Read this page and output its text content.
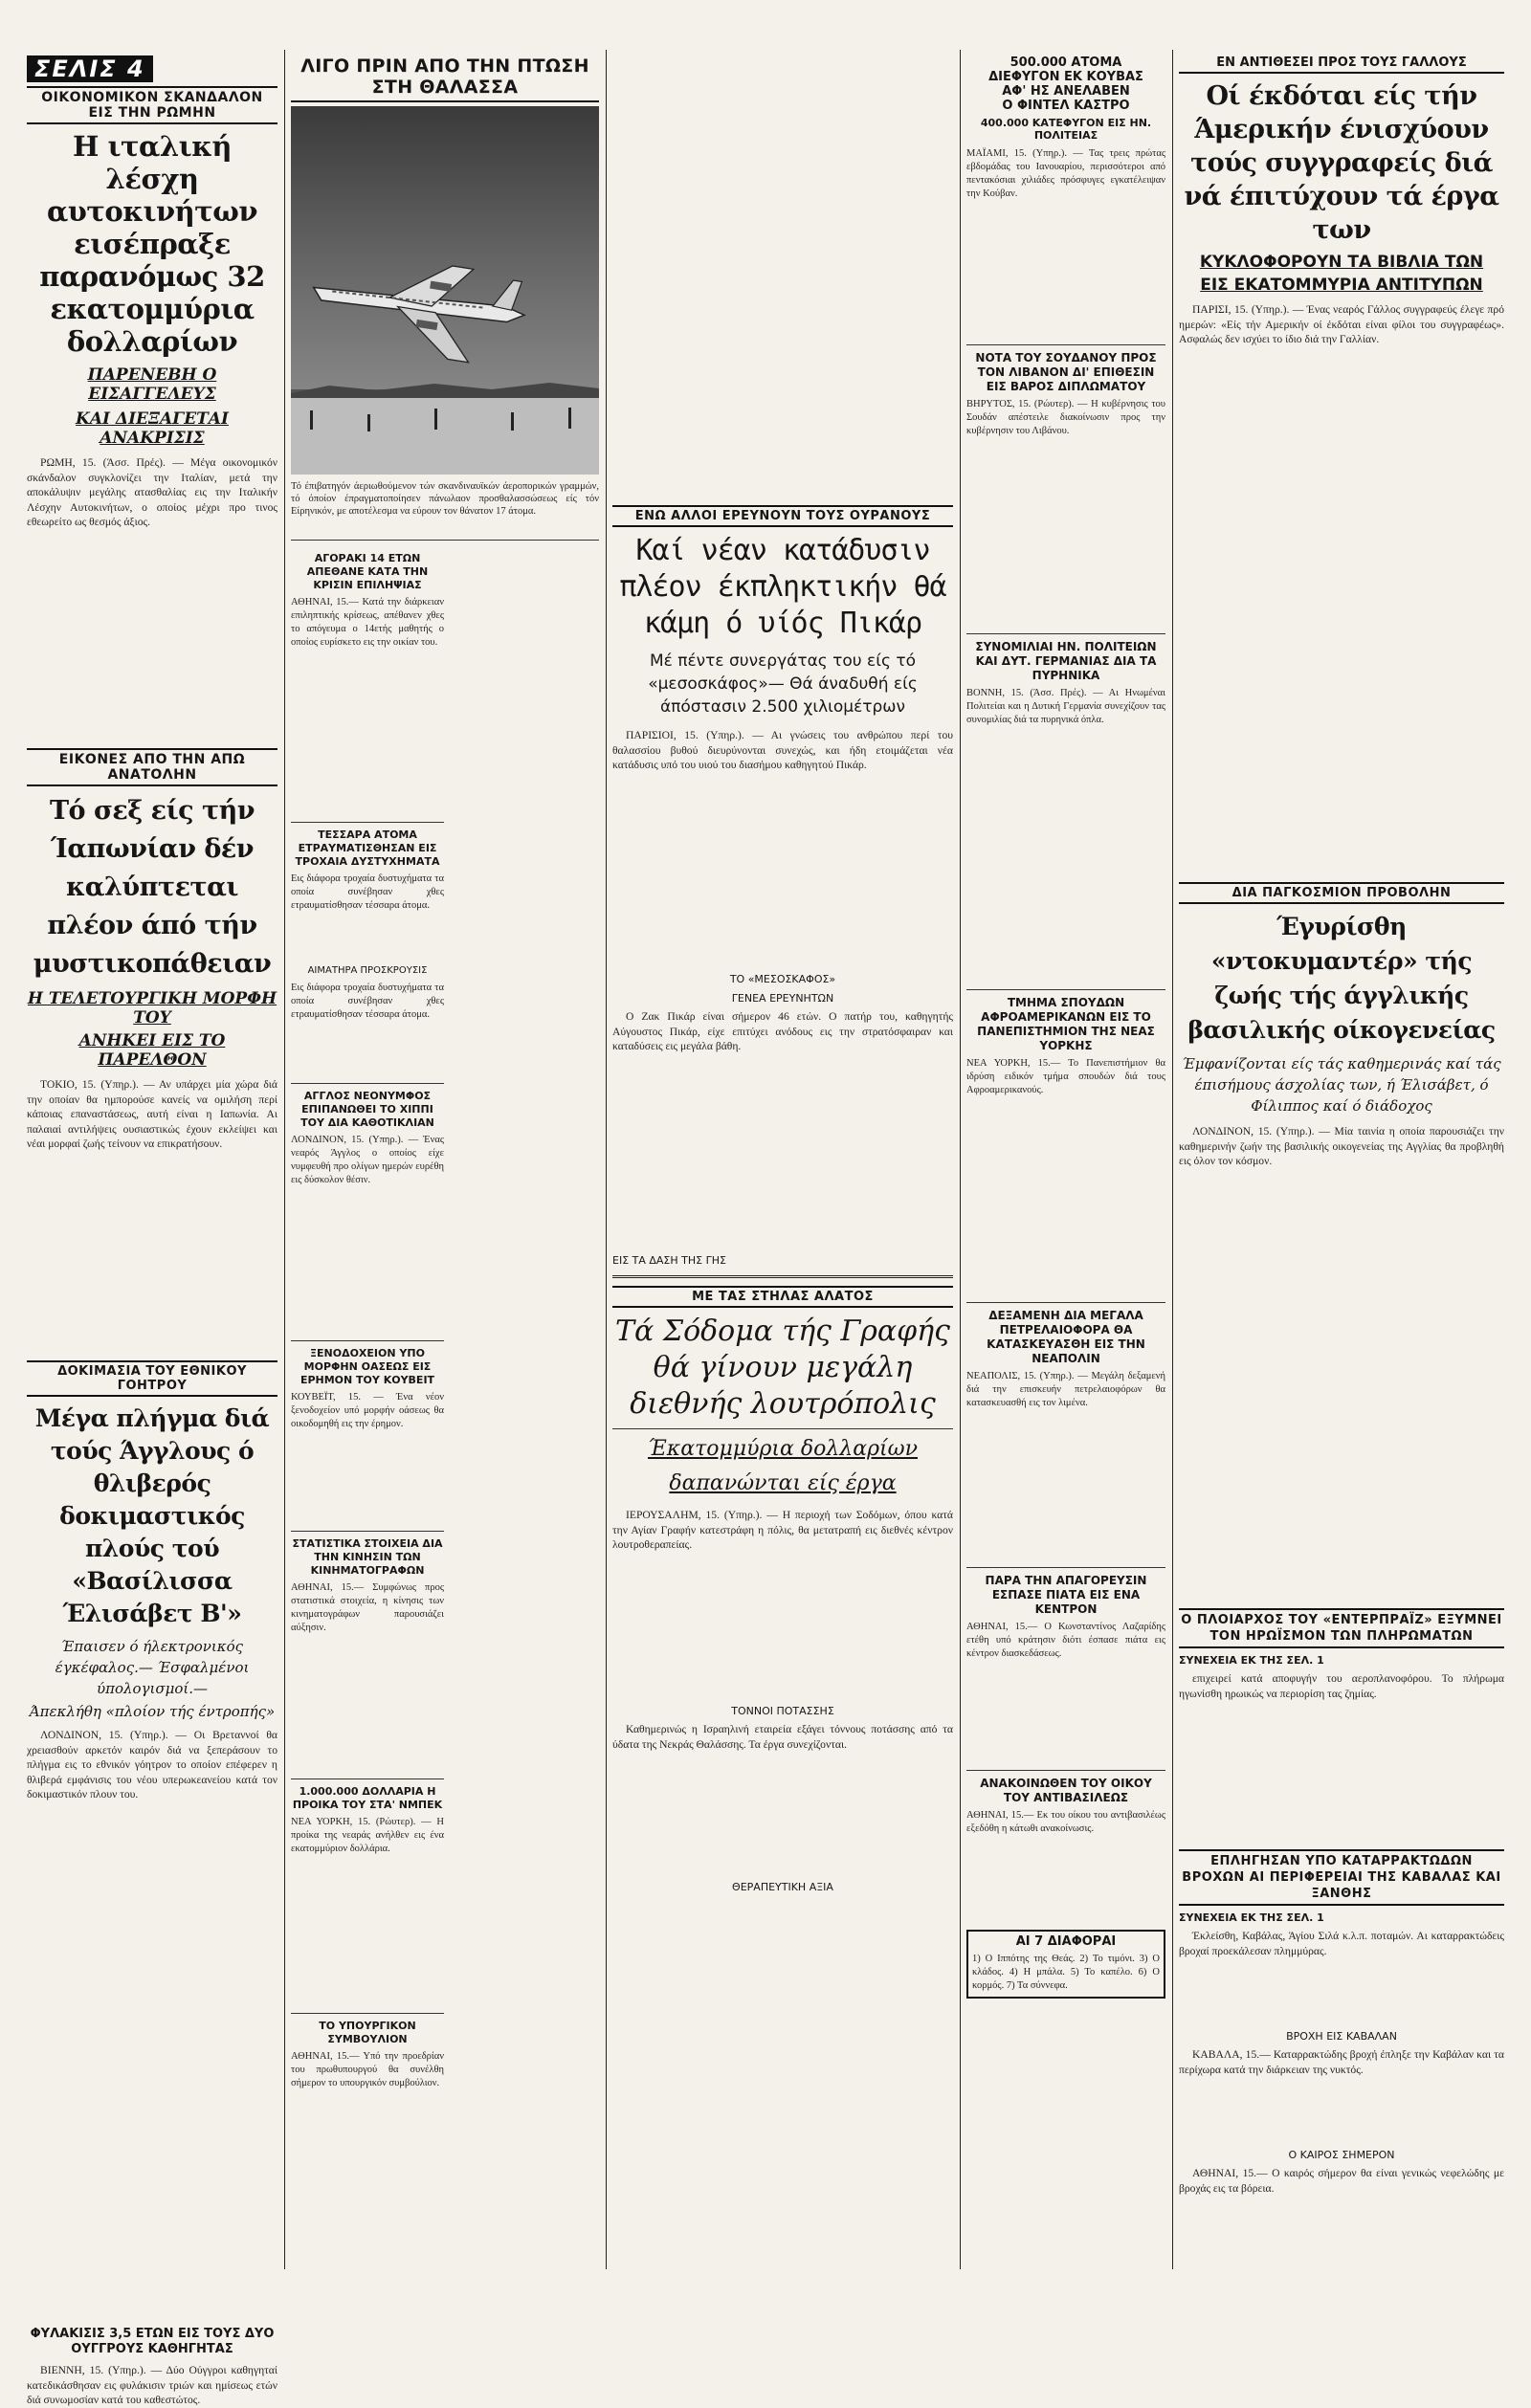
ΣΕΛΙΣ 4
ΟΙΚΟΝΟΜΙΚΟΝ ΣΚΑΝΔΑΛΟΝ ΕΙΣ ΤΗΝ ΡΩΜΗΝ
Η ιταλική λέσχη αυτοκινήτων εισέπραξε παρανόμως 32 εκατομμύρια δολλαρίων
ΠΑΡΕΝΕΒΗ Ο ΕΙΣΑΓΓΕΛΕΥΣ
ΚΑΙ ΔΙΕΞΑΓΕΤΑΙ ΑΝΑΚΡΙΣΙΣ

ΡΩΜΗ, 15. (Άσσ. Πρές). — Μέγα οικονομικόν σκάνδαλον συγκλονίζει την Ιταλίαν, μετά την αποκάλυψιν μεγάλης ατασθαλίας εις την Ιταλικήν Λέσχην Αυτοκινήτων, ο οποίος μέχρι προ τινος εθεωρείτο ως θεσμός άξιος.

ΕΙΚΟΝΕΣ ΑΠΟ ΤΗΝ ΑΠΩ ΑΝΑΤΟΛΗΝ
Τό σεξ είς τήν Ίαπωνίαν δέν καλύπτεται πλέον άπό τήν μυστικοπάθειαν
Η ΤΕΛΕΤΟΥΡΓΙΚΗ ΜΟΡΦΗ ΤΟΥ
ΑΝΗΚΕΙ ΕΙΣ ΤΟ ΠΑΡΕΛΘΟΝ

ΤΟΚΙΟ, 15. (Υπηρ.). — Αν υπάρχει μία χώρα διά την οποίαν θα ημπορούσε κανείς να ομιλήση περί κάποιας επαναστάσεως, αυτή είναι η Ιαπωνία. Αι παλαιαί αντιλήψεις ουσιαστικώς έχουν εκλείψει και νέαι μορφαί ζωής τείνουν να επικρατήσουν.

ΔΟΚΙΜΑΣΙΑ ΤΟΥ ΕΘΝΙΚΟΥ ΓΟΗΤΡΟΥ
Μέγα πλήγμα διά τούς Άγγλους ό θλιβερός δοκιμαστικός πλούς τού «Βασίλισσα Έλισάβετ Β'»
Έπαισεν ό ήλεκτρονικός έγκέφαλος.— Έσφαλμένοι ύπολογισμοί.—
Άπεκλήθη «πλοίον τής έντροπής»

ΛΟΝΔΙΝΟΝ, 15. (Υπηρ.). — Οι Βρεταννοί θα χρειασθούν αρκετόν καιρόν διά να ξεπεράσουν το πλήγμα εις το εθνικόν γόητρον το οποίον επέφερεν η θλιβερά εμφάνισις του νέου υπερωκεανείου κατά τον δοκιμαστικόν πλουν του.

ΦΥΛΑΚΙΣΙΣ 3,5 ΕΤΩΝ ΕΙΣ ΤΟΥΣ ΔΥΟ ΟΥΓΓΡΟΥΣ ΚΑΘΗΓΗΤΑΣ

ΒΙΕΝΝΗ, 15. (Υπηρ.). — Δύο Ούγγροι καθηγηταί κατεδικάσθησαν εις φυλάκισιν τριών και ημίσεως ετών διά συνωμοσίαν κατά του καθεστώτος.

ΛΙΓΟ ΠΡΙΝ ΑΠΟ ΤΗΝ ΠΤΩΣΗ ΣΤΗ ΘΑΛΑΣΣΑ
Τό έπιβατηγόν άεριωθούμενον τών σκανδιναυϊκών άεροπορικών γραμμών, τό όποίον έπραγματοποίησεν πάνωλαον προσθαλασσώσεως είς τόν Είρηνικόν, με αποτέλεσμα να εύρουν τον θάνατον 17 άτομα.
ΑΓΟΡΑΚΙ 14 ΕΤΩΝ ΑΠΕΘΑΝΕ ΚΑΤΑ ΤΗΝ ΚΡΙΣΙΝ ΕΠΙΛΗΨΙΑΣ
ΑΘΗΝΑΙ, 15.— Κατά την διάρκειαν επιληπτικής κρίσεως, απέθανεν χθες το απόγευμα ο 14ετής μαθητής ο οποίος ευρίσκετο εις την οικίαν του.
ΤΕΣΣΑΡΑ ΑΤΟΜΑ ΕΤΡΑΥΜΑΤΙΣΘΗΣΑΝ ΕΙΣ ΤΡΟΧΑΙΑ ΔΥΣΤΥΧΗΜΑΤΑ
Εις διάφορα τροχαία δυστυχήματα τα οποία συνέβησαν χθες ετραυματίσθησαν τέσσαρα άτομα.
ΑΙΜΑΤΗΡΑ ΠΡΟΣΚΡΟΥΣΙΣ
Εις διάφορα τροχαία δυστυχήματα τα οποία συνέβησαν χθες ετραυματίσθησαν τέσσαρα άτομα.
ΑΓΓΛΟΣ ΝΕΟΝΥΜΦΟΣ ΕΠΙΠΑΝΩΘΕΙ ΤΟ ΧΙΠΠΙ ΤΟΥ ΔΙΑ ΚΑΘΟΤΙΚΛΙΑΝ
ΛΟΝΔΙΝΟΝ, 15. (Υπηρ.). — Ένας νεαρός Άγγλος ο οποίος είχε νυμφευθή προ ολίγων ημερών ευρέθη εις δύσκολον θέσιν.
ΞΕΝΟΔΟΧΕΙΟΝ ΥΠΟ ΜΟΡΦΗΝ ΟΑΣΕΩΣ ΕΙΣ ΕΡΗΜΟΝ ΤΟΥ ΚΟΥΒΕΙΤ
ΚΟΥΒΕΪΤ, 15. — Ένα νέον ξενοδοχείον υπό μορφήν οάσεως θα οικοδομηθή εις την έρημον.
ΣΤΑΤΙΣΤΙΚΑ ΣΤΟΙΧΕΙΑ ΔΙΑ ΤΗΝ ΚΙΝΗΣΙΝ ΤΩΝ ΚΙΝΗΜΑΤΟΓΡΑΦΩΝ
ΑΘΗΝΑΙ, 15.— Συμφώνως προς στατιστικά στοιχεία, η κίνησις των κινηματογράφων παρουσιάζει αύξησιν.
1.000.000 ΔΟΛΛΑΡΙΑ Η ΠΡΟΙΚΑ ΤΟΥ ΣΤΑ' ΝΜΠΕΚ
ΝΕΑ ΥΟΡΚΗ, 15. (Ρώυτερ). — Η προίκα της νεαράς ανήλθεν εις ένα εκατομμύριον δολλάρια.
ΤΟ ΥΠΟΥΡΓΙΚΟΝ ΣΥΜΒΟΥΛΙΟΝ
ΑΘΗΝΑΙ, 15.— Υπό την προεδρίαν του πρωθυπουργού θα συνέλθη σήμερον το υπουργικόν συμβούλιον.
ΕΝΩ ΑΛΛΟΙ ΕΡΕΥΝΟΥΝ ΤΟΥΣ ΟΥΡΑΝΟΥΣ
Καί νέαν κατάδυσιν πλέον έκπληκτικήν θά κάμη ό υίός Πικάρ
Μέ πέντε συνεργάτας του είς τό «μεσοσκάφος»— Θά άναδυθή είς άπόστασιν 2.500 χιλιομέτρων

ΠΑΡΙΣΙΟΙ, 15. (Υπηρ.). — Αι γνώσεις του ανθρώπου περί του θαλασσίου βυθού διευρύνονται συνεχώς, και ήδη ετοιμάζεται νέα κατάδυσις υπό του υιού του διασήμου καθηγητού Πικάρ.

ΤΟ «ΜΕΣΟΣΚΑΦΟΣ»
ΓΕΝΕΑ ΕΡΕΥΝΗΤΩΝ

Ο Ζακ Πικάρ είναι σήμερον 46 ετών. Ο πατήρ του, καθηγητής Αύγουστος Πικάρ, είχε επιτύχει ανόδους εις την στρατόσφαιραν και καταδύσεις εις μεγάλα βάθη.

ΕΙΣ ΤΑ ΔΑΣΗ ΤΗΣ ΓΗΣ
ΜΕ ΤΑΣ ΣΤΗΛΑΣ ΑΛΑΤΟΣ
Τά Σόδομα τής Γραφής θά γίνουν μεγάλη διεθνής λουτρόπολις
Έκατομμύρια δολλαρίων
δαπανώνται είς έργα

ΙΕΡΟΥΣΑΛΗΜ, 15. (Υπηρ.). — Η περιοχή των Σοδόμων, όπου κατά την Αγίαν Γραφήν κατεστράφη η πόλις, θα μετατραπή εις διεθνές κέντρον λουτροθεραπείας.

ΤΟΝΝΟΙ ΠΟΤΑΣΣΗΣ

Καθημερινώς η Ισραηλινή εταιρεία εξάγει τόννους ποτάσσης από τα ύδατα της Νεκράς Θαλάσσης. Τα έργα συνεχίζονται.

ΘΕΡΑΠΕΥΤΙΚΗ ΑΞΙΑ
500.000 ΑΤΟΜΑ
ΔΙΕΦΥΓΟΝ ΕΚ ΚΟΥΒΑΣ
ΑΦ' ΗΣ ΑΝΕΛΑΒΕΝ
Ο ΦΙΝΤΕΛ ΚΑΣΤΡΟ
400.000 ΚΑΤΕΦΥΓΟΝ ΕΙΣ ΗΝ. ΠΟΛΙΤΕΙΑΣ
ΜΑΪΑΜΙ, 15. (Υπηρ.). — Τας τρεις πρώτας εβδομάδας του Ιανουαρίου, περισσότεροι από πεντακόσιαι χιλιάδες πρόσφυγες εγκατέλειψαν την Κούβαν.
ΝΟΤΑ ΤΟΥ ΣΟΥΔΑΝΟΥ ΠΡΟΣ ΤΟΝ ΛΙΒΑΝΟΝ ΔΙ' ΕΠΙΘΕΣΙΝ ΕΙΣ ΒΑΡΟΣ ΔΙΠΛΩΜΑΤΟΥ
ΒΗΡΥΤΟΣ, 15. (Ρώυτερ). — Η κυβέρνησις του Σουδάν απέστειλε διακοίνωσιν προς την κυβέρνησιν του Λιβάνου.
ΣΥΝΟΜΙΛΙΑΙ ΗΝ. ΠΟΛΙΤΕΙΩΝ ΚΑΙ ΔΥΤ. ΓΕΡΜΑΝΙΑΣ ΔΙΑ ΤΑ ΠΥΡΗΝΙΚΑ
ΒΟΝΝΗ, 15. (Άσσ. Πρές). — Αι Ηνωμέναι Πολιτείαι και η Δυτική Γερμανία συνεχίζουν τας συνομιλίας διά τα πυρηνικά όπλα.
ΤΜΗΜΑ ΣΠΟΥΔΩΝ ΑΦΡΟΑΜΕΡΙΚΑΝΩΝ ΕΙΣ ΤΟ ΠΑΝΕΠΙΣΤΗΜΙΟΝ ΤΗΣ ΝΕΑΣ ΥΟΡΚΗΣ
ΝΕΑ ΥΟΡΚΗ, 15.— Το Πανεπιστήμιον θα ιδρύση ειδικόν τμήμα σπουδών διά τους Αφροαμερικανούς.
ΔΕΞΑΜΕΝΗ ΔΙΑ ΜΕΓΑΛΑ ΠΕΤΡΕΛΑΙΟΦΟΡΑ ΘΑ ΚΑΤΑΣΚΕΥΑΣΘΗ ΕΙΣ ΤΗΝ ΝΕΑΠΟΛΙΝ
ΝΕΑΠΟΛΙΣ, 15. (Υπηρ.). — Μεγάλη δεξαμενή διά την επισκευήν πετρελαιοφόρων θα κατασκευασθή εις τον λιμένα.
ΠΑΡΑ ΤΗΝ ΑΠΑΓΟΡΕΥΣΙΝ ΕΣΠΑΣΕ ΠΙΑΤΑ ΕΙΣ ΕΝΑ ΚΕΝΤΡΟΝ
ΑΘΗΝΑΙ, 15.— Ο Κωνσταντίνος Λαζαρίδης ετέθη υπό κράτησιν διότι έσπασε πιάτα εις κέντρον διασκεδάσεως.
ΑΝΑΚΟΙΝΩΘΕΝ ΤΟΥ ΟΙΚΟΥ ΤΟΥ ΑΝΤΙΒΑΣΙΛΕΩΣ
ΑΘΗΝΑΙ, 15.— Εκ του οίκου του αντιβασιλέως εξεδόθη η κάτωθι ανακοίνωσις.
ΑΙ 7 ΔΙΑΦΟΡΑΙ
1) Ο Ιππότης της Θεάς. 2) Το τιμόνι. 3) Ο κλάδος. 4) Η μπάλα. 5) Το καπέλο. 6) Ο κορμός. 7) Τα σύννεφα.
ΕΝ ΑΝΤΙΘΕΣΕΙ ΠΡΟΣ ΤΟΥΣ ΓΑΛΛΟΥΣ
Οί έκδόται είς τήν Άμερικήν ένισχύουν τούς συγγραφείς διά νά έπιτύχουν τά έργα των
ΚΥΚΛΟΦΟΡΟΥΝ ΤΑ ΒΙΒΛΙΑ ΤΩΝ
ΕΙΣ ΕΚΑΤΟΜΜΥΡΙΑ ΑΝΤΙΤΥΠΩΝ

ΠΑΡΙΣΙ, 15. (Υπηρ.). — Ένας νεαρός Γάλλος συγγραφεύς έλεγε πρό ημερών: «Είς τήν Αμερικήν οί έκδόται είναι φίλοι του συγγραφέως». Ασφαλώς δεν ισχύει το ίδιο διά την Γαλλίαν.

ΔΙΑ ΠΑΓΚΟΣΜΙΟΝ ΠΡΟΒΟΛΗΝ
Έγυρίσθη «ντοκυμαντέρ» τής ζωής τής άγγλικής βασιλικής οίκογενείας
Έμφανίζονται είς τάς καθημερινάς καί τάς έπισήμους άσχολίας των, ή Έλισάβετ, ό Φίλιππος καί ό διάδοχος

ΛΟΝΔΙΝΟΝ, 15. (Υπηρ.). — Μία ταινία η οποία παρουσιάζει την καθημερινήν ζωήν της βασιλικής οικογενείας της Αγγλίας θα προβληθή εις όλον τον κόσμον.

Ο ΠΛΟΙΑΡΧΟΣ ΤΟΥ «ΕΝΤΕΡΠΡΑΪΖ» ΕΞΥΜΝΕΙ ΤΟΝ ΗΡΩΪΣΜΟΝ ΤΩΝ ΠΛΗΡΩΜΑΤΩΝ
ΣΥΝΕΧΕΙΑ ΕΚ ΤΗΣ ΣΕΛ. 1

επιχειρεί κατά αποφυγήν του αεροπλανοφόρου. Το πλήρωμα ηγωνίσθη ηρωικώς να περιορίση τας ζημίας.

ΕΠΛΗΓΗΣΑΝ ΥΠΟ ΚΑΤΑΡΡΑΚΤΩΔΩΝ ΒΡΟΧΩΝ ΑΙ ΠΕΡΙΦΕΡΕΙΑΙ ΤΗΣ ΚΑΒΑΛΑΣ ΚΑΙ ΞΑΝΘΗΣ
ΣΥΝΕΧΕΙΑ ΕΚ ΤΗΣ ΣΕΛ. 1

Έκλείσθη, Καβάλας, Άγίου Σιλά κ.λ.π. ποταμών. Αι καταρρακτώδεις βροχαί προεκάλεσαν πλημμύρας.

ΒΡΟΧΗ ΕΙΣ ΚΑΒΑΛΑΝ

ΚΑΒΑΛΑ, 15.— Καταρρακτώδης βροχή έπληξε την Καβάλαν και τα περίχωρα κατά την διάρκειαν της νυκτός.

Ο ΚΑΙΡΟΣ ΣΗΜΕΡΟΝ

ΑΘΗΝΑΙ, 15.— Ο καιρός σήμερον θα είναι γενικώς νεφελώδης με βροχάς εις τα βόρεια.
